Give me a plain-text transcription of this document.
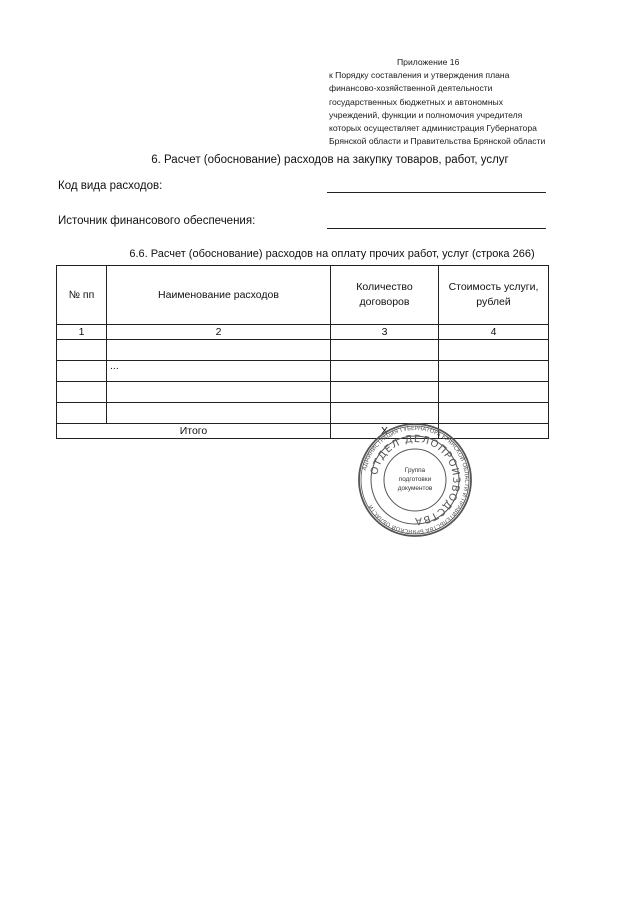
Приложение 16
к Порядку составления и утверждения плана
финансово-хозяйственной деятельности
государственных бюджетных и автономных
учреждений, функции и полномочия учредителя
которых осуществляет администрация Губернатора
Брянской области и Правительства Брянской области
6. Расчет (обоснование) расходов на закупку товаров, работ, услуг
Код вида расходов:
Источник финансового обеспечения:
6.6. Расчет (обоснование) расходов на оплату прочих работ, услуг (строка 266)
№ пп	Наименование расходов	Количество договоров	Стоимость услуги, рублей
1	2	3	4

	...		

Итого		X	
АДМИНИСТРАЦИЯ ГУБЕРНАТОРА БРЯНСКОЙ ОБЛАСТИ И ПРАВИТЕЛЬСТВА БРЯНСКОЙ ОБЛАСТИ
ОТДЕЛ ДЕЛОПРОИЗВОДСТВА
Группа
подготовки
документов
